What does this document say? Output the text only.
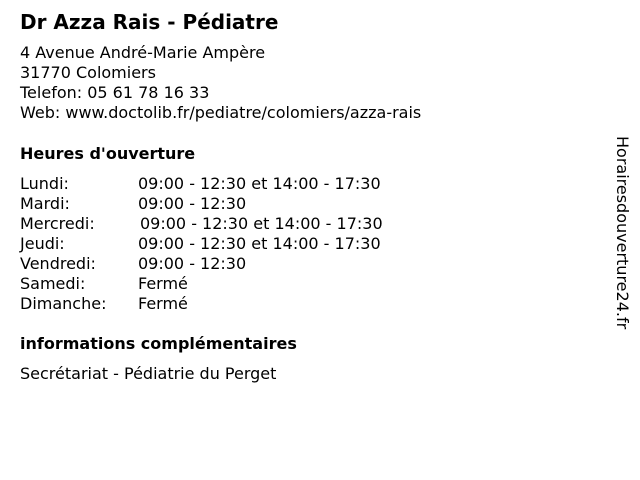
Dr Azza Rais - Pédiatre
4 Avenue André-Marie Ampère
31770 Colomiers
Telefon: 05 61 78 16 33
Web: www.doctolib.fr/pediatre/colomiers/azza-rais
Heures d'ouverture
Lundi:	09:00 - 12:30 et 14:00 - 17:30
Mardi:	09:00 - 12:30
Mercredi:	09:00 - 12:30 et 14:00 - 17:30
Jeudi:	09:00 - 12:30 et 14:00 - 17:30
Vendredi:	09:00 - 12:30
Samedi:	Fermé
Dimanche: Fermé
informations complémentaires
Secrétariat - Pédiatrie du Perget
Horairesdouverture24.fr
